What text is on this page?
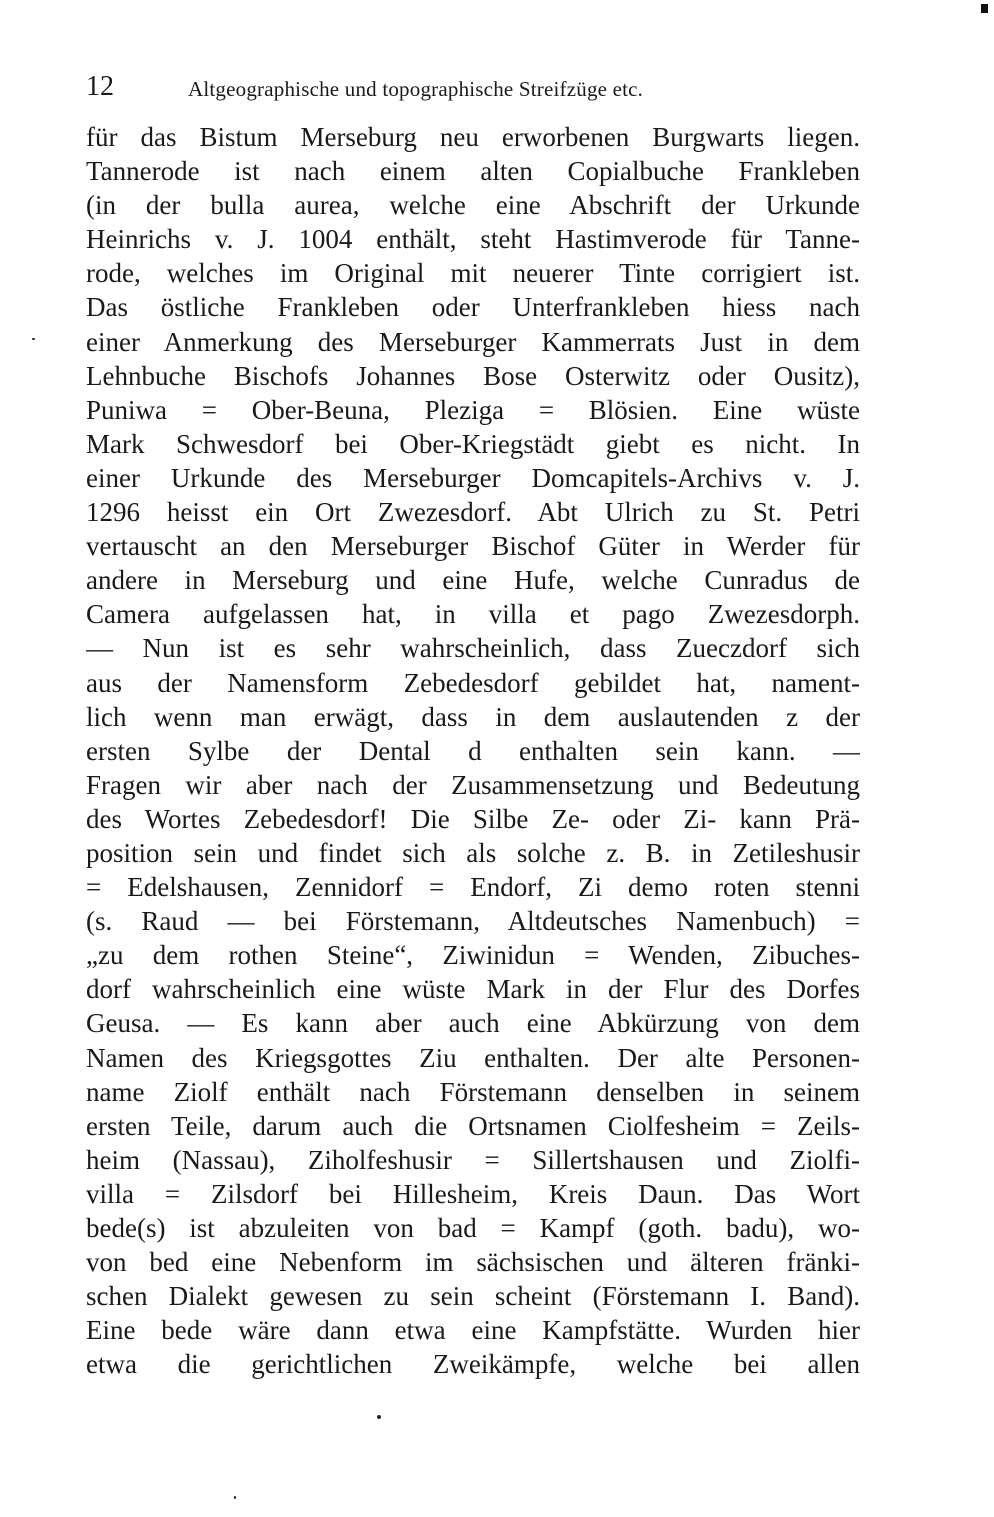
12	Altgeographische und topographische Streifzüge etc.
für das Bistum Merseburg neu erworbenen Burgwarts liegen.
Tannerode ist nach einem alten Copialbuche Frankleben
(in der bulla aurea, welche eine Abschrift der Urkunde
Heinrichs v. J. 1004 enthält, steht Hastimverode für Tanne-
rode, welches im Original mit neuerer Tinte corrigiert ist.
Das östliche Frankleben oder Unterfrankleben hiess nach
einer Anmerkung des Merseburger Kammerrats Just in dem
Lehnbuche Bischofs Johannes Bose Osterwitz oder Ousitz),
Puniwa = Ober-Beuna, Pleziga = Blösien. Eine wüste
Mark Schwesdorf bei Ober-Kriegstädt giebt es nicht. In
einer Urkunde des Merseburger Domcapitels-Archivs v. J.
1296 heisst ein Ort Zwezesdorf. Abt Ulrich zu St. Petri
vertauscht an den Merseburger Bischof Güter in Werder für
andere in Merseburg und eine Hufe, welche Cunradus de
Camera aufgelassen hat, in villa et pago Zwezesdorph.
— Nun ist es sehr wahrscheinlich, dass Zueczdorf sich
aus der Namensform Zebedesdorf gebildet hat, nament-
lich wenn man erwägt, dass in dem auslautenden z der
ersten Sylbe der Dental d enthalten sein kann. —
Fragen wir aber nach der Zusammensetzung und Bedeutung
des Wortes Zebedesdorf! Die Silbe Ze- oder Zi- kann Prä-
position sein und findet sich als solche z. B. in Zetileshusir
= Edelshausen, Zennidorf = Endorf, Zi demo roten stenni
(s. Raud — bei Förstemann, Altdeutsches Namenbuch) =
„zu dem rothen Steine“, Ziwinidun = Wenden, Zibuches-
dorf wahrscheinlich eine wüste Mark in der Flur des Dorfes
Geusa. — Es kann aber auch eine Abkürzung von dem
Namen des Kriegsgottes Ziu enthalten. Der alte Personen-
name Ziolf enthält nach Förstemann denselben in seinem
ersten Teile, darum auch die Ortsnamen Ciolfesheim = Zeils-
heim (Nassau), Ziholfeshusir = Sillertshausen und Ziolfi-
villa = Zilsdorf bei Hillesheim, Kreis Daun. Das Wort
bede(s) ist abzuleiten von bad = Kampf (goth. badu), wo-
von bed eine Nebenform im sächsischen und älteren fränki-
schen Dialekt gewesen zu sein scheint (Förstemann I. Band).
Eine bede wäre dann etwa eine Kampfstätte. Wurden hier
etwa die gerichtlichen Zweikämpfe, welche bei allen
